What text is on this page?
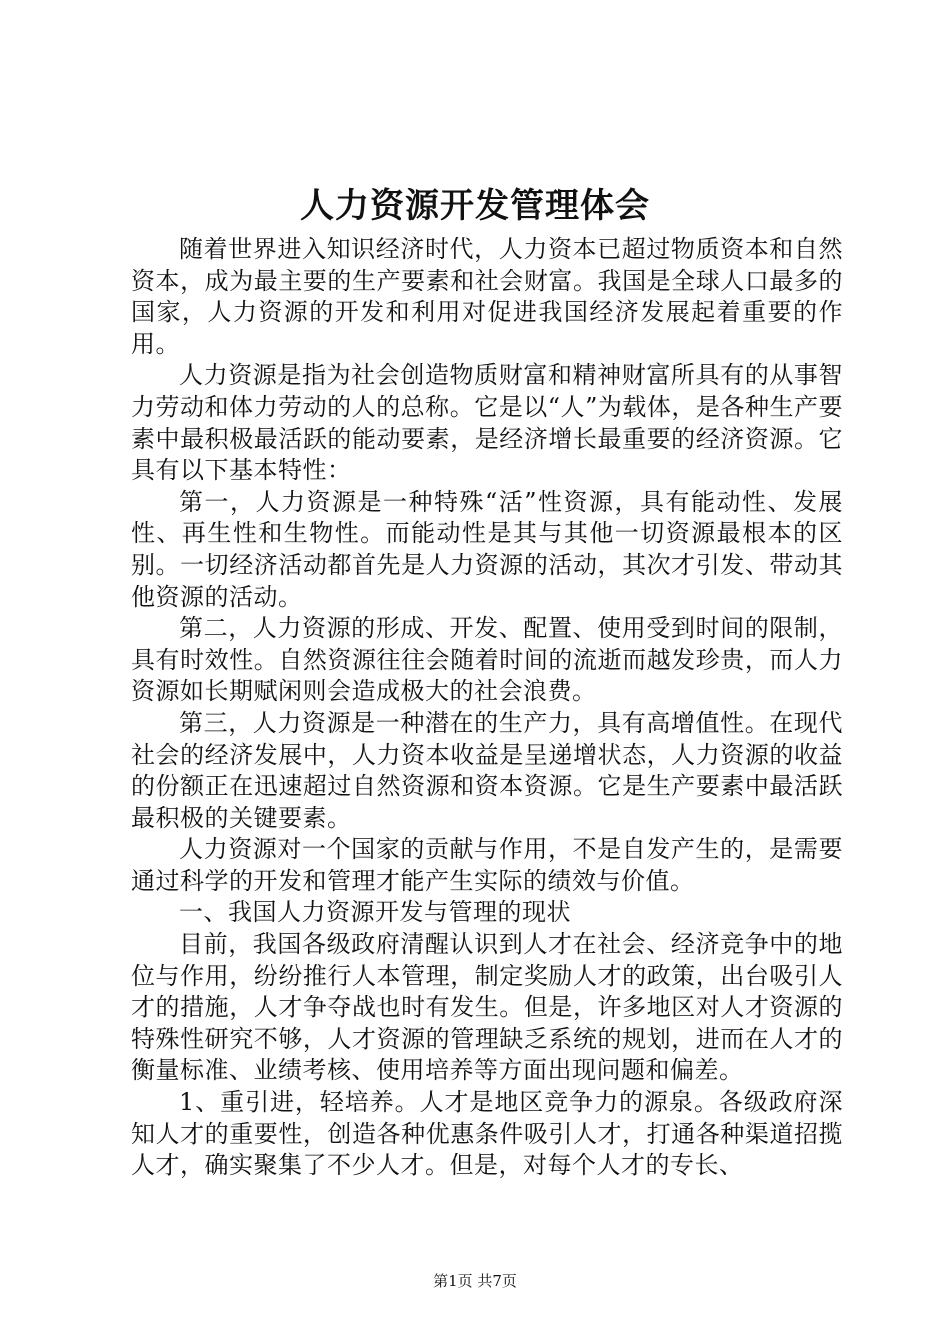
人力资源开发管理体会

随着世界进入知识经济时代，人力资本已超过物质资本和自然资本，成为最主要的生产要素和社会财富。我国是全球人口最多的国家，人力资源的开发和利用对促进我国经济发展起着重要的作用。

人力资源是指为社会创造物质财富和精神财富所具有的从事智力劳动和体力劳动的人的总称。它是以“人”为载体，是各种生产要素中最积极最活跃的能动要素，是经济增长最重要的经济资源。它具有以下基本特性：

第一，人力资源是一种特殊“活”性资源，具有能动性、发展性、再生性和生物性。而能动性是其与其他一切资源最根本的区别。一切经济活动都首先是人力资源的活动，其次才引发、带动其他资源的活动。

第二，人力资源的形成、开发、配置、使用受到时间的限制，具有时效性。自然资源往往会随着时间的流逝而越发珍贵，而人力资源如长期赋闲则会造成极大的社会浪费。

第三，人力资源是一种潜在的生产力，具有高增值性。在现代社会的经济发展中，人力资本收益是呈递增状态，人力资源的收益的份额正在迅速超过自然资源和资本资源。它是生产要素中最活跃最积极的关键要素。

人力资源对一个国家的贡献与作用，不是自发产生的，是需要通过科学的开发和管理才能产生实际的绩效与价值。

一、我国人力资源开发与管理的现状

目前，我国各级政府清醒认识到人才在社会、经济竞争中的地位与作用，纷纷推行人本管理，制定奖励人才的政策，出台吸引人才的措施，人才争夺战也时有发生。但是，许多地区对人才资源的特殊性研究不够，人才资源的管理缺乏系统的规划，进而在人才的衡量标准、业绩考核、使用培养等方面出现问题和偏差。

1、重引进，轻培养。人才是地区竞争力的源泉。各级政府深知人才的重要性，创造各种优惠条件吸引人才，打通各种渠道招揽人才，确实聚集了不少人才。但是，对每个人才的专长、

第1页 共7页
